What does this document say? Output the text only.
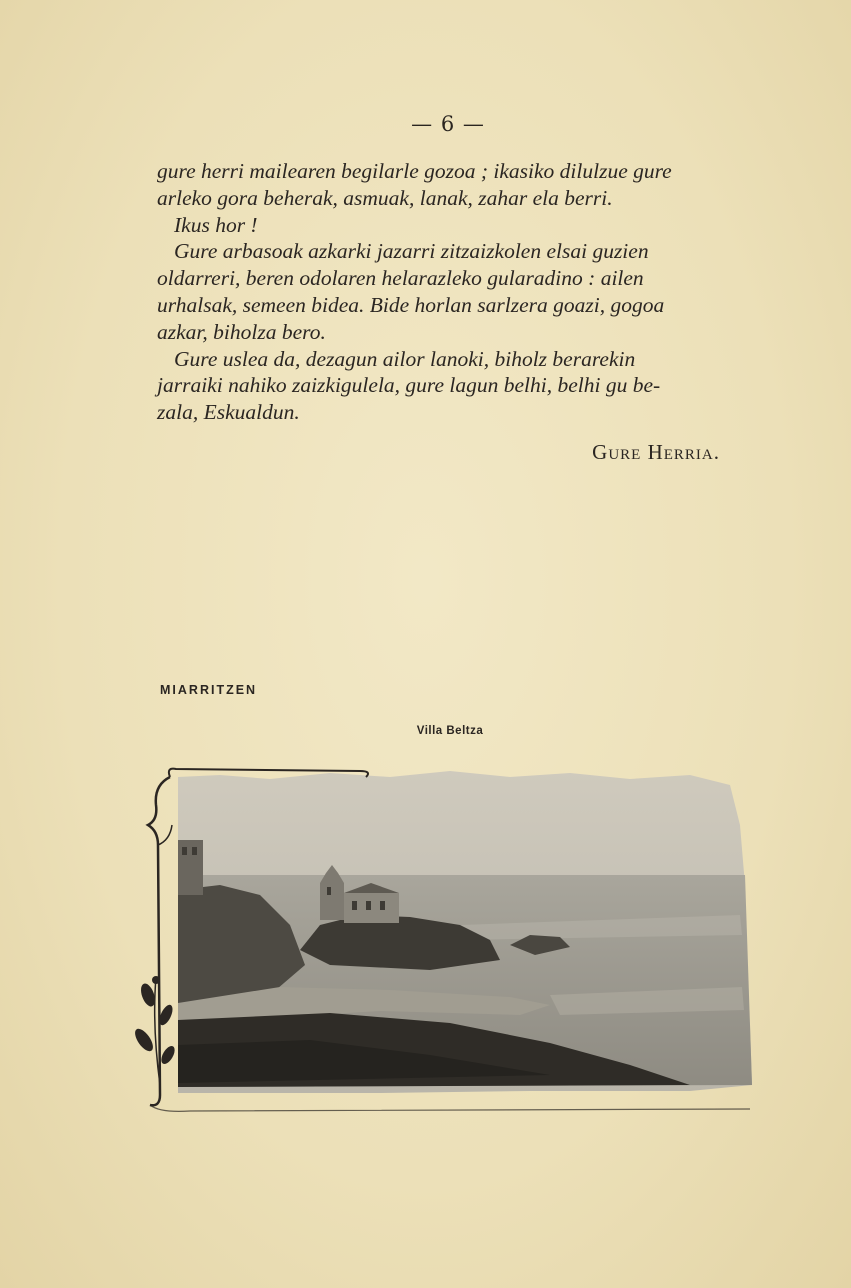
— 6 —

gure herri mailearen begilarle gozoa ; ikasiko dilulzue gure

arleko gora beherak, asmuak, lanak, zahar ela berri.

Ikus hor !

Gure arbasoak azkarki jazarri zitzaizkolen elsai guzien

oldarreri, beren odolaren helarazleko gularadino : ailen

urhalsak, semeen bidea. Bide horlan sarlzera goazi, gogoa

azkar, biholza bero.

Gure uslea da, dezagun ailor lanoki, biholz berarekin

jarraiki nahiko zaizkigulela, gure lagun belhi, belhi gu be-

zala, Eskualdun.

Gure Herria.
MIARRITZEN
Villa Beltza
